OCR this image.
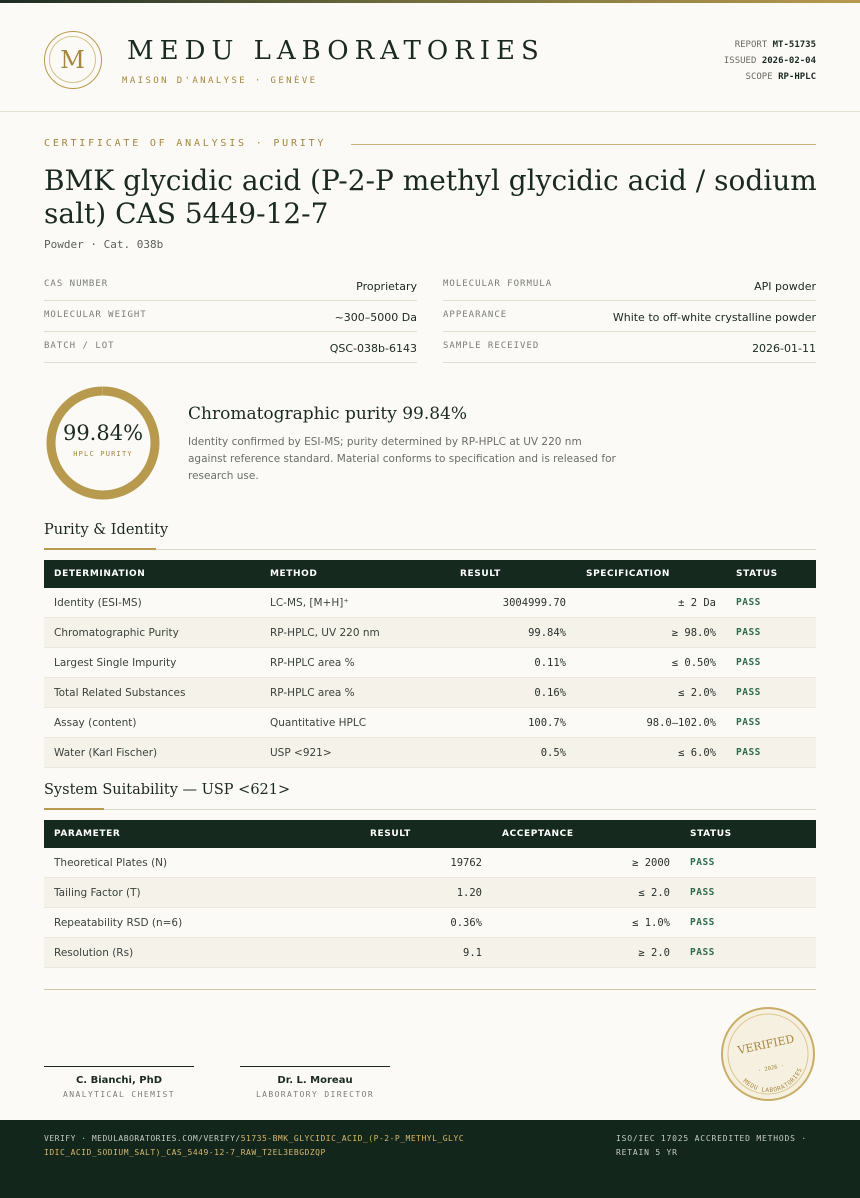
M	MEDU LABORATORIES
MAISON D'ANALYSE · GENÈVE
REPORT MT-51735
ISSUED 2026-02-04
SCOPE RP-HPLC
CERTIFICATE OF ANALYSIS · PURITY
BMK glycidic acid (P-2-P methyl glycidic acid / sodium salt) CAS 5449-12-7
Powder · Cat. 038b
CAS NUMBER	Proprietary
MOLECULAR WEIGHT	~300–5000 Da
BATCH / LOT	QSC-038b-6143
MOLECULAR FORMULA	API powder
APPEARANCE	White to off-white crystalline powder
SAMPLE RECEIVED	2026-01-11
99.84%
HPLC PURITY
Chromatographic purity 99.84%
Identity confirmed by ESI-MS; purity determined by RP-HPLC at UV 220 nm against reference standard. Material conforms to specification and is released for research use.
Purity & Identity
DETERMINATION	METHOD	RESULT	SPECIFICATION	STATUS
Identity (ESI-MS)	LC-MS, [M+H]⁺	3004999.70	± 2 Da	PASS
Chromatographic Purity	RP-HPLC, UV 220 nm	99.84%	≥ 98.0%	PASS
Largest Single Impurity	RP-HPLC area %	0.11%	≤ 0.50%	PASS
Total Related Substances	RP-HPLC area %	0.16%	≤ 2.0%	PASS
Assay (content)	Quantitative HPLC	100.7%	98.0–102.0%	PASS
Water (Karl Fischer)	USP <921>	0.5%	≤ 6.0%	PASS
System Suitability — USP <621>
PARAMETER	RESULT	ACCEPTANCE	STATUS
Theoretical Plates (N)	19762	≥ 2000	PASS
Tailing Factor (T)	1.20	≤ 2.0	PASS
Repeatability RSD (n=6)	0.36%	≤ 1.0%	PASS
Resolution (Rs)	9.1	≥ 2.0	PASS
VERIFIED
MEDU LABORATORIES
· 2026 ·
C. Bianchi, PhD
ANALYTICAL CHEMIST
Dr. L. Moreau
LABORATORY DIRECTOR
VERIFY · MEDULABORATORIES.COM/VERIFY/51735-BMK_GLYCIDIC_ACID_(P-2-P_METHYL_GLYCIDIC_ACID_SODIUM_SALT)_CAS_5449-12-7_RAW_T2EL3EBGDZQP
ISO/IEC 17025 ACCREDITED METHODS · RETAIN 5 YR
